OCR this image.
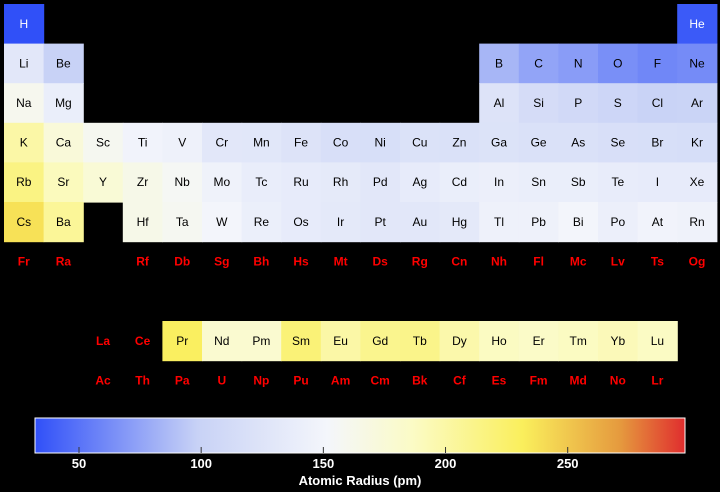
H	He
Li Be	B	C	N	O	F Ne
Na Mg	Al Si	P	S Cl Ar
K Ca Sc Ti	V Cr Mn Fe Co Ni Cu Zn Ga Ge As Se Br Kr
Rb Sr Y Zr Nb Mo Tc Ru Rh Pd Ag Cd In Sn Sb Te	I	Xe
Cs Ba	Hf Ta W Re Os Ir	Pt Au Hg Tl Pb Bi Po At Rn
Fr Ra	Rf Db Sg Bh Hs Mt Ds Rg Cn Nh Fl Mc Lv Ts Og
La Ce Pr Nd Pm Sm Eu Gd Tb Dy Ho Er Tm Yb Lu
Ac Th Pa U Np Pu Am Cm Bk Cf Es Fm Md No Lr
50	100	150	200	250
Atomic Radius (pm)
